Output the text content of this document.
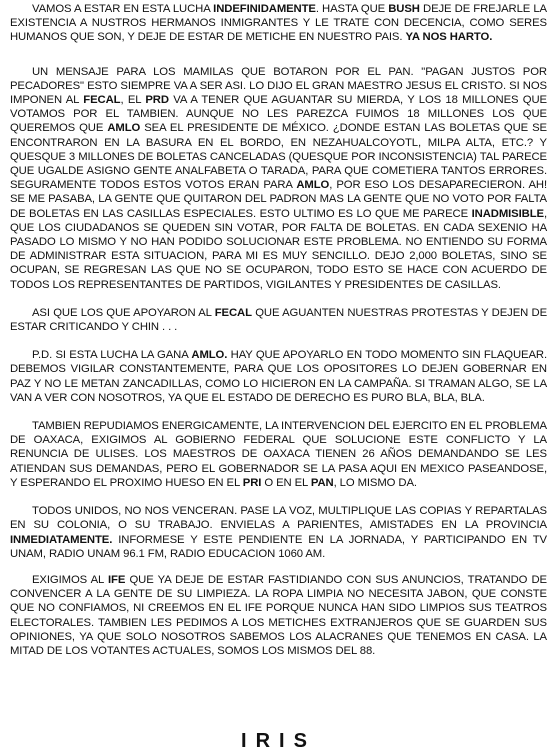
VAMOS A ESTAR EN ESTA LUCHA INDEFINIDAMENTE. HASTA QUE BUSH DEJE DE FREJARLE LA EXISTENCIA A NUSTROS HERMANOS INMIGRANTES Y LE TRATE CON DECENCIA, COMO SERES HUMANOS QUE SON, Y DEJE DE ESTAR DE METICHE EN NUESTRO PAIS. YA NOS HARTO.

UN MENSAJE PARA LOS MAMILAS QUE BOTARON POR EL PAN. "PAGAN JUSTOS POR PECADORES" ESTO SIEMPRE VA A SER ASI. LO DIJO EL GRAN MAESTRO JESUS EL CRISTO. SI NOS IMPONEN AL FECAL, EL PRD VA A TENER QUE AGUANTAR SU MIERDA, Y LOS 18 MILLONES QUE VOTAMOS POR EL TAMBIEN. AUNQUE NO LES PAREZCA FUIMOS 18 MILLONES LOS QUE QUEREMOS QUE AMLO SEA EL PRESIDENTE DE MÉXICO. ¿DONDE ESTAN LAS BOLETAS QUE SE ENCONTRARON EN LA BASURA EN EL BORDO, EN NEZAHUALCOYOTL, MILPA ALTA, ETC.? Y QUESQUE 3 MILLONES DE BOLETAS CANCELADAS (QUESQUE POR INCONSISTENCIA) TAL PARECE QUE UGALDE ASIGNO GENTE ANALFABETA O TARADA, PARA QUE COMETIERA TANTOS ERRORES. SEGURAMENTE TODOS ESTOS VOTOS ERAN PARA AMLO, POR ESO LOS DESAPARECIERON. AH! SE ME PASABA, LA GENTE QUE QUITARON DEL PADRON MAS LA GENTE QUE NO VOTO POR FALTA DE BOLETAS EN LAS CASILLAS ESPECIALES. ESTO ULTIMO ES LO QUE ME PARECE INADMISIBLE, QUE LOS CIUDADANOS SE QUEDEN SIN VOTAR, POR FALTA DE BOLETAS. EN CADA SEXENIO HA PASADO LO MISMO Y NO HAN PODIDO SOLUCIONAR ESTE PROBLEMA. NO ENTIENDO SU FORMA DE ADMINISTRAR ESTA SITUACION, PARA MI ES MUY SENCILLO. DEJO 2,000 BOLETAS, SINO SE OCUPAN, SE REGRESAN LAS QUE NO SE OCUPARON, TODO ESTO SE HACE CON ACUERDO DE TODOS LOS REPRESENTANTES DE PARTIDOS, VIGILANTES Y PRESIDENTES DE CASILLAS.

ASI QUE LOS QUE APOYARON AL FECAL QUE AGUANTEN NUESTRAS PROTESTAS Y DEJEN DE ESTAR CRITICANDO Y CHIN . . .

P.D. SI ESTA LUCHA LA GANA AMLO. HAY QUE APOYARLO EN TODO MOMENTO SIN FLAQUEAR. DEBEMOS VIGILAR CONSTANTEMENTE, PARA QUE LOS OPOSITORES LO DEJEN GOBERNAR EN PAZ Y NO LE METAN ZANCADILLAS, COMO LO HICIERON EN LA CAMPAÑA. SI TRAMAN ALGO, SE LA VAN A VER CON NOSOTROS, YA QUE EL ESTADO DE DERECHO ES PURO BLA, BLA, BLA.

TAMBIEN REPUDIAMOS ENERGICAMENTE, LA INTERVENCION DEL EJERCITO EN EL PROBLEMA DE OAXACA, EXIGIMOS AL GOBIERNO FEDERAL QUE SOLUCIONE ESTE CONFLICTO Y LA RENUNCIA DE ULISES. LOS MAESTROS DE OAXACA TIENEN 26 AÑOS DEMANDANDO SE LES ATIENDAN SUS DEMANDAS, PERO EL GOBERNADOR SE LA PASA AQUI EN MEXICO PASEANDOSE, Y ESPERANDO EL PROXIMO HUESO EN EL PRI O EN EL PAN, LO MISMO DA.

TODOS UNIDOS, NO NOS VENCERAN. PASE LA VOZ, MULTIPLIQUE LAS COPIAS Y REPARTALAS EN SU COLONIA, O SU TRABAJO. ENVIELAS A PARIENTES, AMISTADES EN LA PROVINCIA INMEDIATAMENTE. INFORMESE Y ESTE PENDIENTE EN LA JORNADA, Y PARTICIPANDO EN TV UNAM, RADIO UNAM 96.1 FM, RADIO EDUCACION 1060 AM.

EXIGIMOS AL IFE QUE YA DEJE DE ESTAR FASTIDIANDO CON SUS ANUNCIOS, TRATANDO DE CONVENCER A LA GENTE DE SU LIMPIEZA. LA ROPA LIMPIA NO NECESITA JABON, QUE CONSTE QUE NO CONFIAMOS, NI CREEMOS EN EL IFE PORQUE NUNCA HAN SIDO LIMPIOS SUS TEATROS ELECTORALES. TAMBIEN LES PEDIMOS A LOS METICHES EXTRANJEROS QUE SE GUARDEN SUS OPINIONES, YA QUE SOLO NOSOTROS SABEMOS LOS ALACRANES QUE TENEMOS EN CASA. LA MITAD DE LOS VOTANTES ACTUALES, SOMOS LOS MISMOS DEL 88.

IRIS
